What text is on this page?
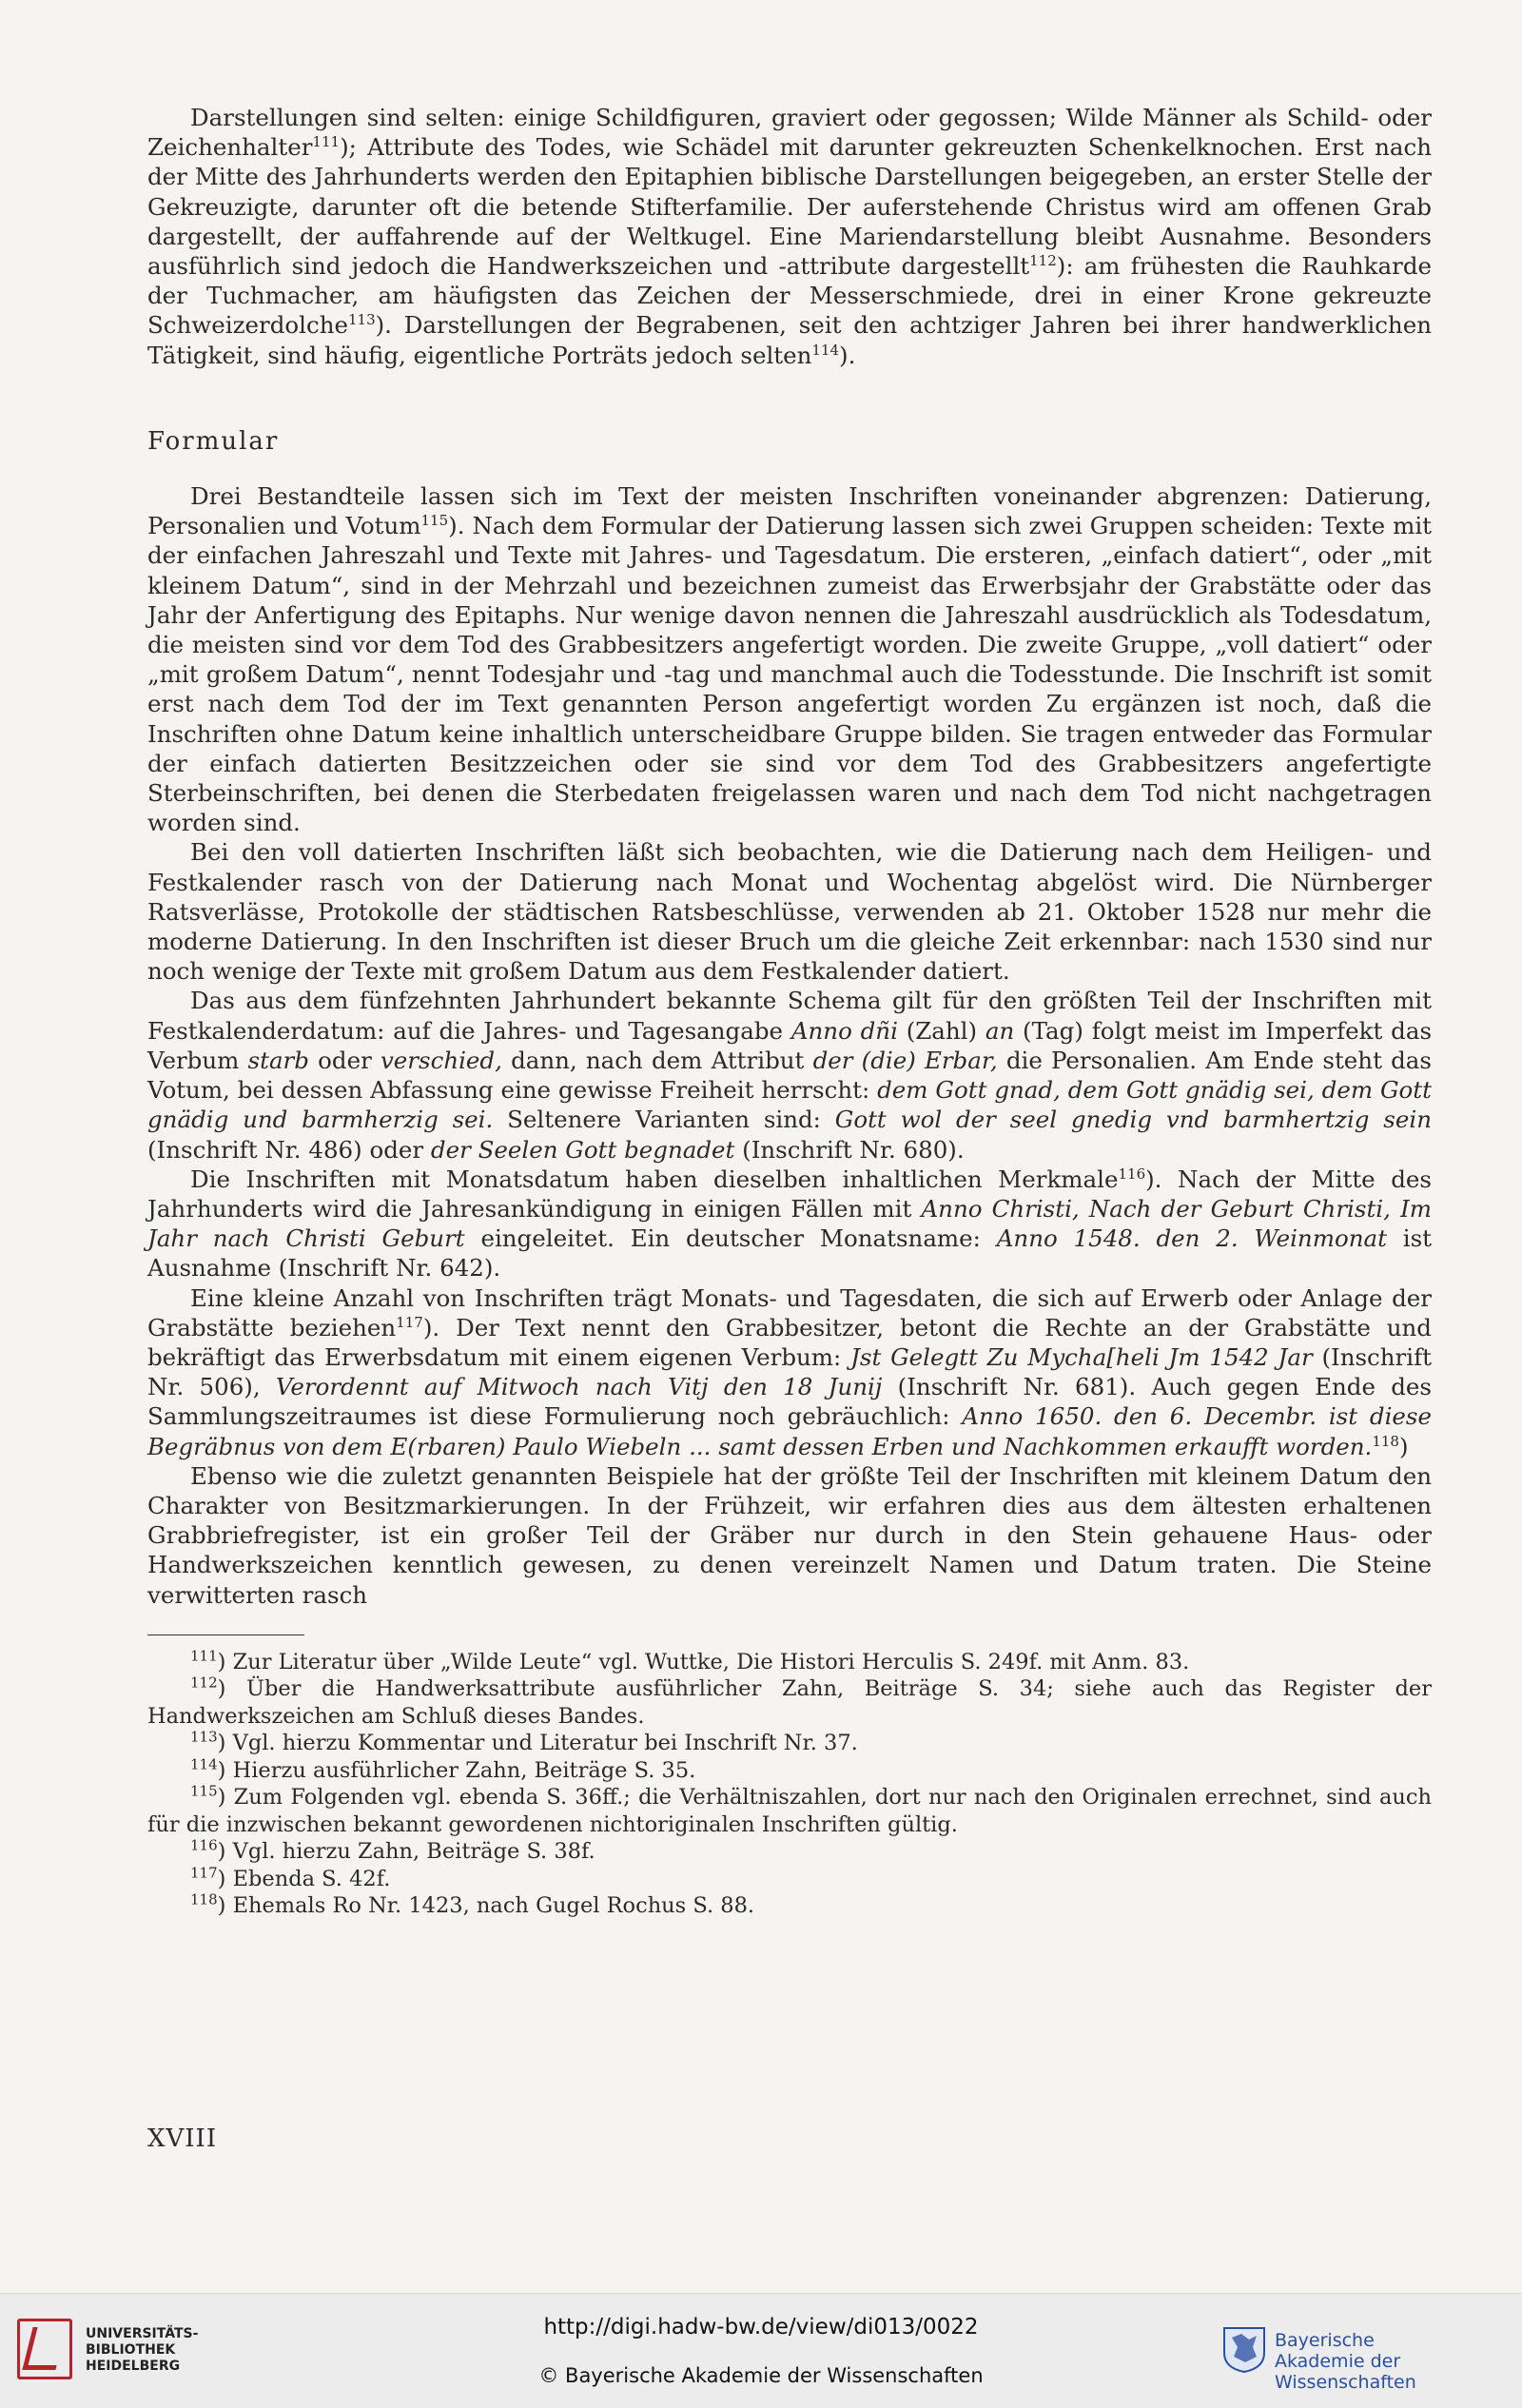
Darstellungen sind selten: einige Schildfiguren, graviert oder gegossen; Wilde Männer als Schild- oder Zeichenhalter$^{111}$); Attribute des Todes, wie Schädel mit darunter gekreuzten Schenkelknochen. Erst nach der Mitte des Jahrhunderts werden den Epitaphien biblische Darstellungen beigegeben, an erster Stelle der Gekreuzigte, darunter oft die betende Stifterfamilie. Der auferstehende Christus wird am offenen Grab dargestellt, der auffahrende auf der Weltkugel. Eine Mariendarstellung bleibt Ausnahme. Besonders ausführlich sind jedoch die Handwerkszeichen und -attribute dargestellt$^{112}$): am frühesten die Rauhkarde der Tuchmacher, am häufigsten das Zeichen der Messerschmiede, drei in einer Krone gekreuzte Schweizerdolche$^{113}$). Darstellungen der Begrabenen, seit den achtziger Jahren bei ihrer handwerklichen Tätigkeit, sind häufig, eigentliche Porträts jedoch selten$^{114}$).

Formular

Drei Bestandteile lassen sich im Text der meisten Inschriften voneinander abgrenzen: Datierung, Personalien und Votum$^{115}$). Nach dem Formular der Datierung lassen sich zwei Gruppen scheiden: Texte mit der einfachen Jahreszahl und Texte mit Jahres- und Tagesdatum. Die ersteren, „einfach datiert“, oder „mit kleinem Datum“, sind in der Mehrzahl und bezeichnen zumeist das Erwerbsjahr der Grabstätte oder das Jahr der Anfertigung des Epitaphs. Nur wenige davon nennen die Jahreszahl ausdrücklich als Todesdatum, die meisten sind vor dem Tod des Grabbesitzers angefertigt worden. Die zweite Gruppe, „voll datiert“ oder „mit großem Datum“, nennt Todesjahr und -tag und manchmal auch die Todesstunde. Die Inschrift ist somit erst nach dem Tod der im Text genannten Person angefertigt worden Zu ergänzen ist noch, daß die Inschriften ohne Datum keine inhaltlich unterscheidbare Gruppe bilden. Sie tragen entweder das Formular der einfach datierten Besitzzeichen oder sie sind vor dem Tod des Grabbesitzers angefertigte Sterbeinschriften, bei denen die Sterbedaten freigelassen waren und nach dem Tod nicht nachgetragen worden sind.

Bei den voll datierten Inschriften läßt sich beobachten, wie die Datierung nach dem Heiligen- und Festkalender rasch von der Datierung nach Monat und Wochentag abgelöst wird. Die Nürnberger Ratsverlässe, Protokolle der städtischen Ratsbeschlüsse, verwenden ab 21. Oktober 1528 nur mehr die moderne Datierung. In den Inschriften ist dieser Bruch um die gleiche Zeit erkennbar: nach 1530 sind nur noch wenige der Texte mit großem Datum aus dem Festkalender datiert.

Das aus dem fünfzehnten Jahrhundert bekannte Schema gilt für den größten Teil der Inschriften mit Festkalenderdatum: auf die Jahres- und Tagesangabe Anno dñi (Zahl) an (Tag) folgt meist im Imperfekt das Verbum starb oder verschied, dann, nach dem Attribut der (die) Erbar, die Personalien. Am Ende steht das Votum, bei dessen Abfassung eine gewisse Freiheit herrscht: dem Gott gnad, dem Gott gnädig sei, dem Gott gnädig und barmherzig sei. Seltenere Varianten sind: Gott wol der seel gnedig vnd barmhertzig sein (Inschrift Nr. 486) oder der Seelen Gott begnadet (Inschrift Nr. 680).

Die Inschriften mit Monatsdatum haben dieselben inhaltlichen Merkmale$^{116}$). Nach der Mitte des Jahrhunderts wird die Jahresankündigung in einigen Fällen mit Anno Christi, Nach der Geburt Christi, Im Jahr nach Christi Geburt eingeleitet. Ein deutscher Monatsname: Anno 1548. den 2. Weinmonat ist Ausnahme (Inschrift Nr. 642).

Eine kleine Anzahl von Inschriften trägt Monats- und Tagesdaten, die sich auf Erwerb oder Anlage der Grabstätte beziehen$^{117}$). Der Text nennt den Grabbesitzer, betont die Rechte an der Grabstätte und bekräftigt das Erwerbsdatum mit einem eigenen Verbum: Jst Gelegtt Zu Mycha[heli Jm 1542 Jar (Inschrift Nr. 506), Verordennt auf Mitwoch nach Vitj den 18 Junij (Inschrift Nr. 681). Auch gegen Ende des Sammlungszeitraumes ist diese Formulierung noch gebräuchlich: Anno 1650. den 6. Decembr. ist diese Begräbnus von dem E(rbaren) Paulo Wiebeln ... samt dessen Erben und Nachkommen erkaufft worden.$^{118}$)

Ebenso wie die zuletzt genannten Beispiele hat der größte Teil der Inschriften mit kleinem Datum den Charakter von Besitzmarkierungen. In der Frühzeit, wir erfahren dies aus dem ältesten erhaltenen Grabbriefregister, ist ein großer Teil der Gräber nur durch in den Stein gehauene Haus- oder Handwerkszeichen kenntlich gewesen, zu denen vereinzelt Namen und Datum traten. Die Steine verwitterten rasch

$^{111}$) Zur Literatur über „Wilde Leute“ vgl. Wuttke, Die Histori Herculis S. 249f. mit Anm. 83.

$^{112}$) Über die Handwerksattribute ausführlicher Zahn, Beiträge S. 34; siehe auch das Register der Handwerkszeichen am Schluß dieses Bandes.

$^{113}$) Vgl. hierzu Kommentar und Literatur bei Inschrift Nr. 37.

$^{114}$) Hierzu ausführlicher Zahn, Beiträge S. 35.

$^{115}$) Zum Folgenden vgl. ebenda S. 36ff.; die Verhältniszahlen, dort nur nach den Originalen errechnet, sind auch für die inzwischen bekannt gewordenen nichtoriginalen Inschriften gültig.

$^{116}$) Vgl. hierzu Zahn, Beiträge S. 38f.

$^{117}$) Ebenda S. 42f.

$^{118}$) Ehemals Ro Nr. 1423, nach Gugel Rochus S. 88.

XVIII
UNIVERSITÄTS-
BIBLIOTHEK
HEIDELBERG
http://digi.hadw-bw.de/view/di013/0022
© Bayerische Akademie der Wissenschaften
Bayerische
Akademie der Wissenschaften
